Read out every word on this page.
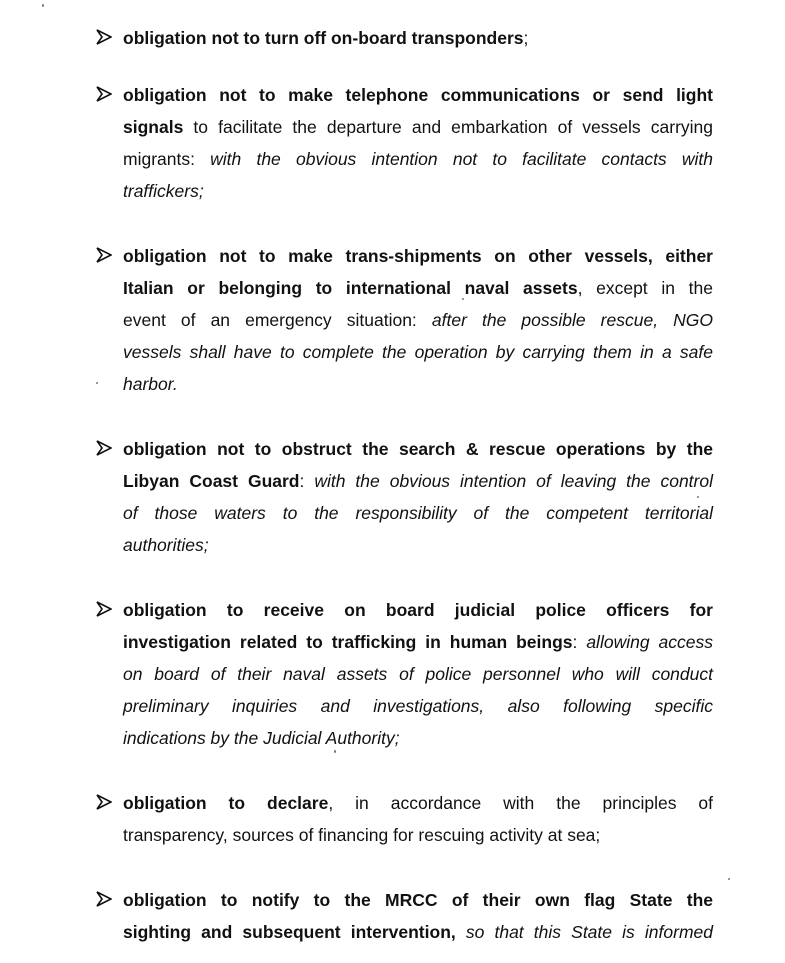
obligation not to turn off on-board transponders;
obligation not to make telephone communications or send light
signals to facilitate the departure and embarkation of vessels carrying
migrants: with the obvious intention not to facilitate contacts with
traffickers;
obligation not to make trans-shipments on other vessels, either
Italian or belonging to international naval assets, except in the
event of an emergency situation: after the possible rescue, NGO
vessels shall have to complete the operation by carrying them in a safe
harbor.
obligation not to obstruct the search & rescue operations by the
Libyan Coast Guard: with the obvious intention of leaving the control
of those waters to the responsibility of the competent territorial
authorities;
obligation to receive on board judicial police officers for
investigation related to trafficking in human beings: allowing access
on board of their naval assets of police personnel who will conduct
preliminary inquiries and investigations, also following specific
indications by the Judicial Authority;
obligation to declare, in accordance with the principles of
transparency, sources of financing for rescuing activity at sea;
obligation to notify to the MRCC of their own flag State the
sighting and subsequent intervention, so that this State is informed
